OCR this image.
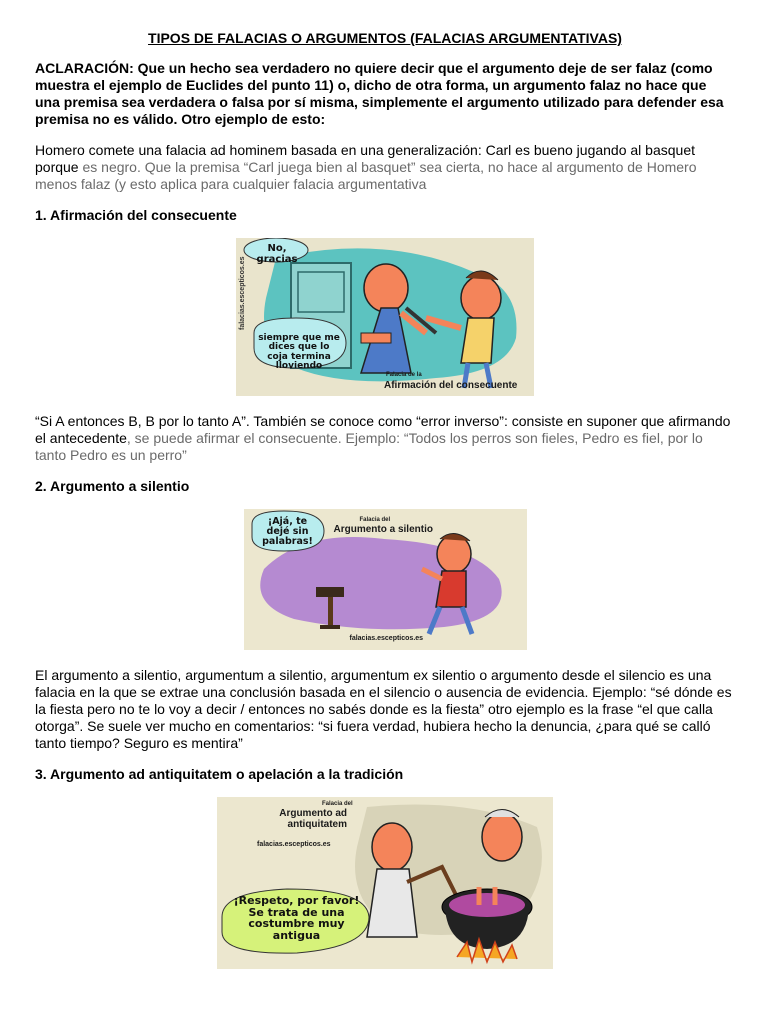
TIPOS DE FALACIAS O ARGUMENTOS (FALACIAS ARGUMENTATIVAS)
ACLARACIÓN: Que un hecho sea verdadero no quiere decir que el argumento deje de ser falaz (como muestra el ejemplo de Euclides del punto 11) o, dicho de otra forma, un argumento falaz no hace que una premisa sea verdadera o falsa por sí misma, simplemente el argumento utilizado para defender esa premisa no es válido. Otro ejemplo de esto:

Homero comete una falacia ad hominem basada en una generalización: Carl es bueno jugando al basquet porque es negro. Que la premisa “Carl juega bien al basquet” sea cierta, no hace al argumento de Homero menos falaz (y esto aplica para cualquier falacia argumentativa

1. Afirmación del consecuente
No, gracias
siempre que me dices que lo coja termina lloviendo
falacias.escepticos.es
Falacia de la
Afirmación del consecuente

“Si A entonces B, B por lo tanto A”. También se conoce como “error inverso”: consiste en suponer que afirmando el antecedente, se puede afirmar el consecuente. Ejemplo: “Todos los perros son fieles, Pedro es fiel, por lo tanto Pedro es un perro”

2. Argumento a silentio
¡Ajá, te dejé sin palabras!
Falacia del
Argumento a silentio
falacias.escepticos.es

El argumento a silentio, argumentum a silentio, argumentum ex silentio o argumento desde el silencio es una falacia en la que se extrae una conclusión basada en el silencio o ausencia de evidencia. Ejemplo: “sé dónde es la fiesta pero no te lo voy a decir / entonces no sabés donde es la fiesta” otro ejemplo es la frase “el que calla otorga”. Se suele ver mucho en comentarios: “si fuera verdad, hubiera hecho la denuncia, ¿para qué se calló tanto tiempo? Seguro es mentira”

3. Argumento ad antiquitatem o apelación a la tradición
Falacia del
Argumento ad antiquitatem
falacias.escepticos.es
¡Respeto, por favor! Se trata de una costumbre muy antigua
